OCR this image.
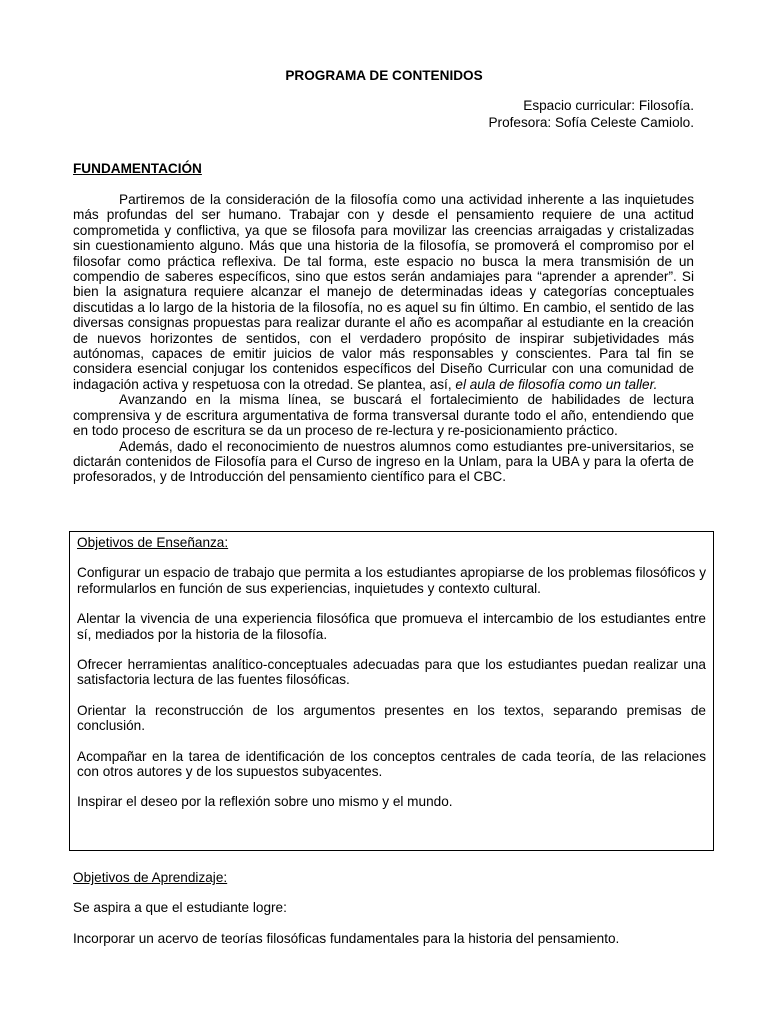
PROGRAMA DE CONTENIDOS
Espacio curricular: Filosofía.
Profesora: Sofía Celeste Camiolo.
FUNDAMENTACIÓN

Partiremos de la consideración de la filosofía como una actividad inherente a las inquietudes más profundas del ser humano. Trabajar con y desde el pensamiento requiere de una actitud comprometida y conflictiva, ya que se filosofa para movilizar las creencias arraigadas y cristalizadas sin cuestionamiento alguno. Más que una historia de la filosofía, se promoverá el compromiso por el filosofar como práctica reflexiva. De tal forma, este espacio no busca la mera transmisión de un compendio de saberes específicos, sino que estos serán andamiajes para “aprender a aprender”. Si bien la asignatura requiere alcanzar el manejo de determinadas ideas y categorías conceptuales discutidas a lo largo de la historia de la filosofía, no es aquel su fin último. En cambio, el sentido de las diversas consignas propuestas para realizar durante el año es acompañar al estudiante en la creación de nuevos horizontes de sentidos, con el verdadero propósito de inspirar subjetividades más autónomas, capaces de emitir juicios de valor más responsables y conscientes. Para tal fin se considera esencial conjugar los contenidos específicos del Diseño Curricular con una comunidad de indagación activa y respetuosa con la otredad. Se plantea, así, el aula de filosofía como un taller.

Avanzando en la misma línea, se buscará el fortalecimiento de habilidades de lectura comprensiva y de escritura argumentativa de forma transversal durante todo el año, entendiendo que en todo proceso de escritura se da un proceso de re-lectura y re-posicionamiento práctico.

Además, dado el reconocimiento de nuestros alumnos como estudiantes pre-universitarios, se dictarán contenidos de Filosofía para el Curso de ingreso en la Unlam, para la UBA y para la oferta de profesorados, y de Introducción del pensamiento científico para el CBC.

Objetivos de Enseñanza:

Configurar un espacio de trabajo que permita a los estudiantes apropiarse de los problemas filosóficos y reformularlos en función de sus experiencias, inquietudes y contexto cultural.

Alentar la vivencia de una experiencia filosófica que promueva el intercambio de los estudiantes entre sí, mediados por la historia de la filosofía.

Ofrecer herramientas analítico-conceptuales adecuadas para que los estudiantes puedan realizar una satisfactoria lectura de las fuentes filosóficas.

Orientar la reconstrucción de los argumentos presentes en los textos, separando premisas de conclusión.

Acompañar en la tarea de identificación de los conceptos centrales de cada teoría, de las relaciones con otros autores y de los supuestos subyacentes.

Inspirar el deseo por la reflexión sobre uno mismo y el mundo.

Objetivos de Aprendizaje:

Se aspira a que el estudiante logre:

Incorporar un acervo de teorías filosóficas fundamentales para la historia del pensamiento.
